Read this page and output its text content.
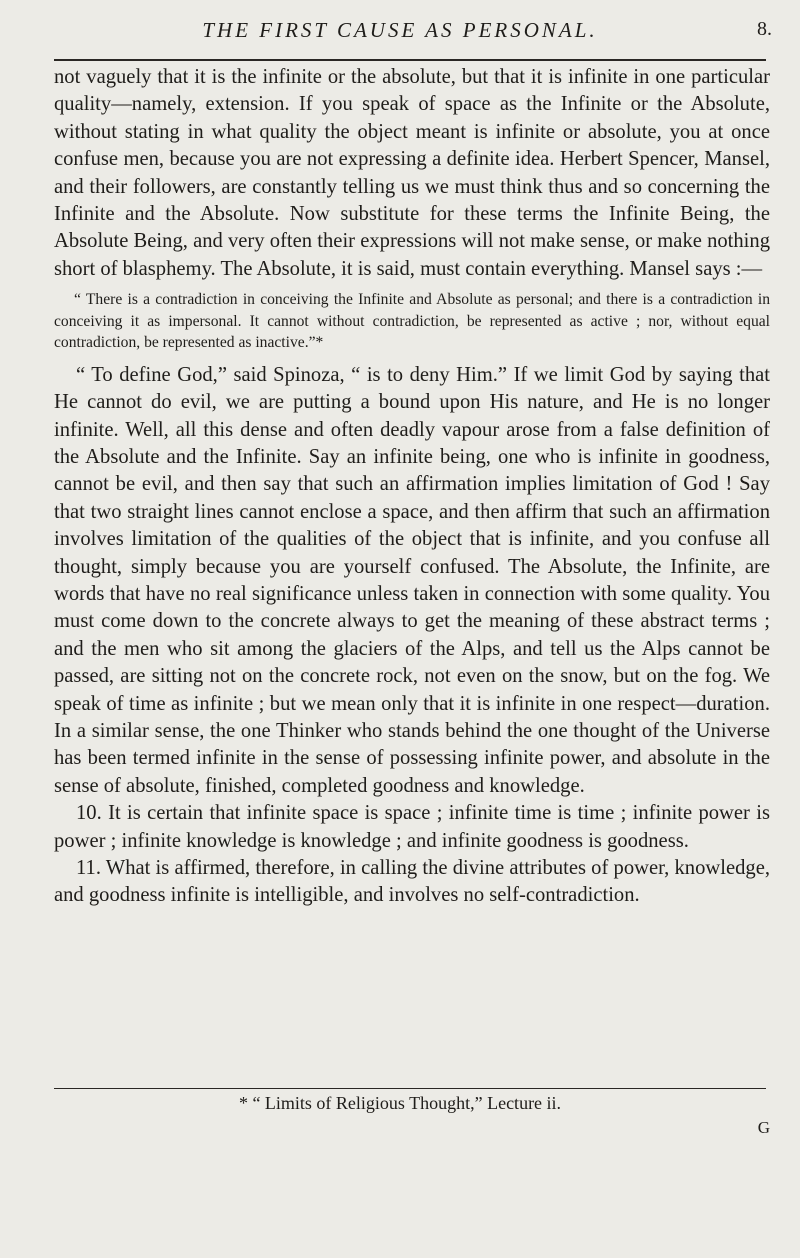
THE FIRST CAUSE AS PERSONAL.	8.

not vaguely that it is the infinite or the absolute, but that it is infinite in one particular quality—namely, extension. If you speak of space as the Infinite or the Absolute, without stating in what quality the object meant is infinite or absolute, you at once confuse men, because you are not expressing a definite idea. Herbert Spencer, Mansel, and their followers, are constantly telling us we must think thus and so concerning the Infinite and the Absolute. Now substitute for these terms the Infinite Being, the Absolute Being, and very often their expressions will not make sense, or make nothing short of blasphemy. The Absolute, it is said, must contain everything. Mansel says :—

“ There is a contradiction in conceiving the Infinite and Absolute as personal; and there is a contradiction in conceiving it as impersonal. It cannot without contradiction, be represented as active ; nor, without equal contradiction, be represented as inactive.”*

“ To define God,” said Spinoza, “ is to deny Him.” If we limit God by saying that He cannot do evil, we are putting a bound upon His nature, and He is no longer infinite. Well, all this dense and often deadly vapour arose from a false definition of the Absolute and the Infinite. Say an infinite being, one who is infinite in goodness, cannot be evil, and then say that such an affirmation implies limitation of God ! Say that two straight lines cannot enclose a space, and then affirm that such an affirmation involves limitation of the qualities of the object that is infinite, and you confuse all thought, simply because you are yourself confused. The Absolute, the Infinite, are words that have no real significance unless taken in connection with some quality. You must come down to the concrete always to get the meaning of these abstract terms ; and the men who sit among the glaciers of the Alps, and tell us the Alps cannot be passed, are sitting not on the concrete rock, not even on the snow, but on the fog. We speak of time as infinite ; but we mean only that it is infinite in one respect—duration. In a similar sense, the one Thinker who stands behind the one thought of the Universe has been termed infinite in the sense of possessing infinite power, and absolute in the sense of absolute, finished, completed goodness and knowledge.

10. It is certain that infinite space is space ; infinite time is time ; infinite power is power ; infinite knowledge is knowledge ; and infinite goodness is goodness.

11. What is affirmed, therefore, in calling the divine attributes of power, knowledge, and goodness infinite is intelligible, and involves no self-contradiction.

* “ Limits of Religious Thought,” Lecture ii.
G
